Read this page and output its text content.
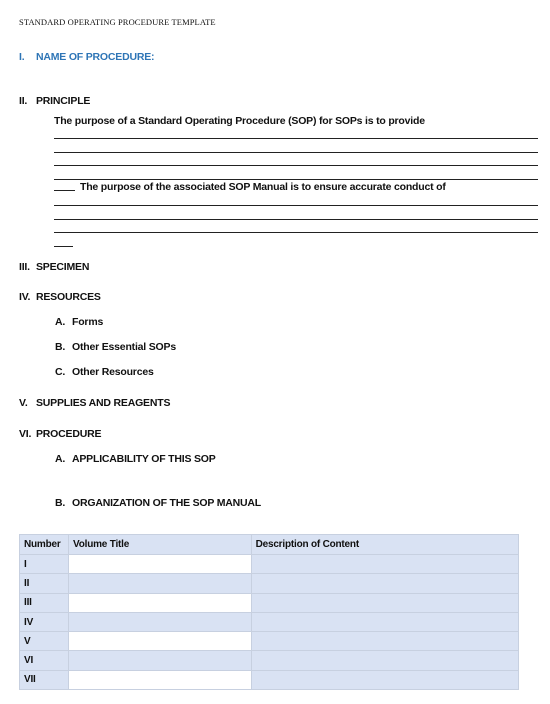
STANDARD OPERATING PROCEDURE TEMPLATE
I. NAME OF PROCEDURE:
II. PRINCIPLE
The purpose of a Standard Operating Procedure (SOP) for SOPs is to provide
The purpose of the associated SOP Manual is to ensure accurate conduct of
III. SPECIMEN
IV. RESOURCES
A. Forms
B. Other Essential SOPs
C. Other Resources
V. SUPPLIES AND REAGENTS
VI. PROCEDURE
A. APPLICABILITY OF THIS SOP
B. ORGANIZATION OF THE SOP MANUAL
Number	Volume Title	Description of Content
I		
II		
III		
IV		
V		
VI		
VII		
